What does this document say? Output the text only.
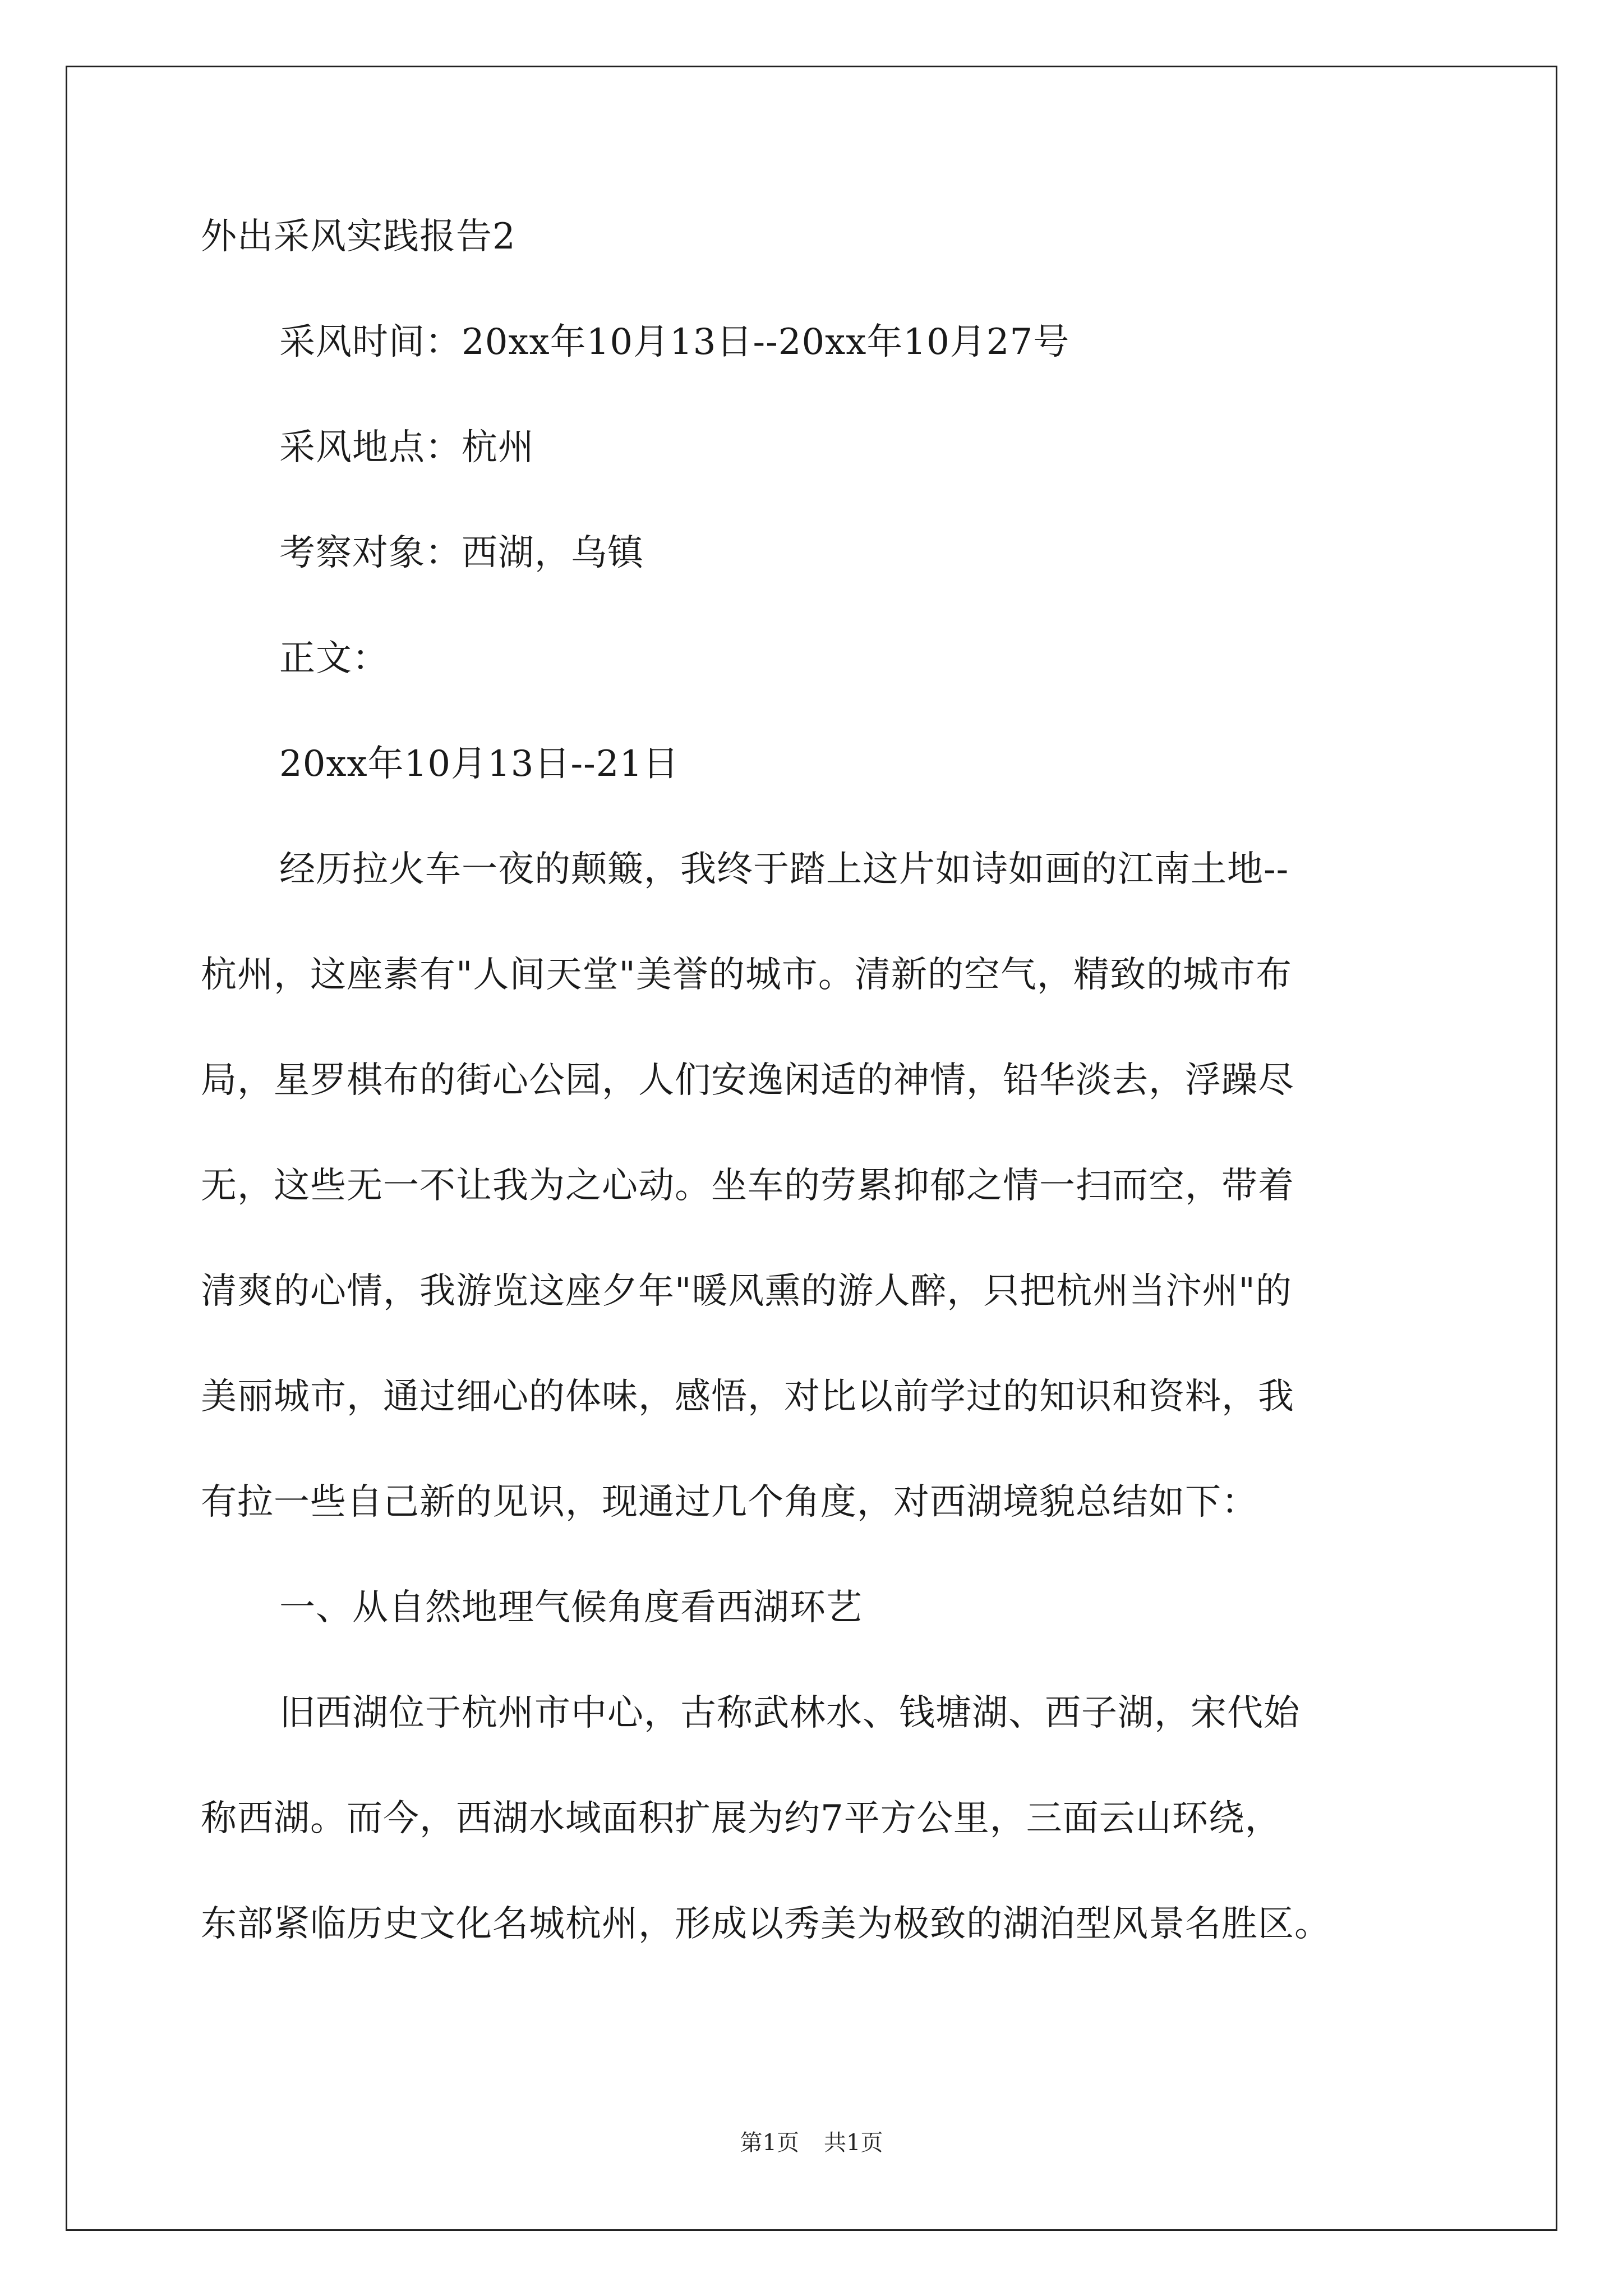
外出采风实践报告2
采风时间：20xx年10月13日--20xx年10月27号
采风地点：杭州
考察对象：西湖，乌镇
正文：
20xx年10月13日--21日
经历拉火车一夜的颠簸，我终于踏上这片如诗如画的江南土地--
杭州，这座素有"人间天堂"美誉的城市。清新的空气，精致的城市布
局，星罗棋布的街心公园，人们安逸闲适的神情，铅华淡去，浮躁尽
无，这些无一不让我为之心动。坐车的劳累抑郁之情一扫而空，带着
清爽的心情，我游览这座夕年"暖风熏的游人醉，只把杭州当汴州"的
美丽城市，通过细心的体味，感悟，对比以前学过的知识和资料，我
有拉一些自己新的见识，现通过几个角度，对西湖境貌总结如下：
一、从自然地理气候角度看西湖环艺
旧西湖位于杭州市中心，古称武林水、钱塘湖、西子湖，宋代始
称西湖。而今，西湖水域面积扩展为约7平方公里，三面云山环绕，
东部紧临历史文化名城杭州，形成以秀美为极致的湖泊型风景名胜区。
第1页 共1页
